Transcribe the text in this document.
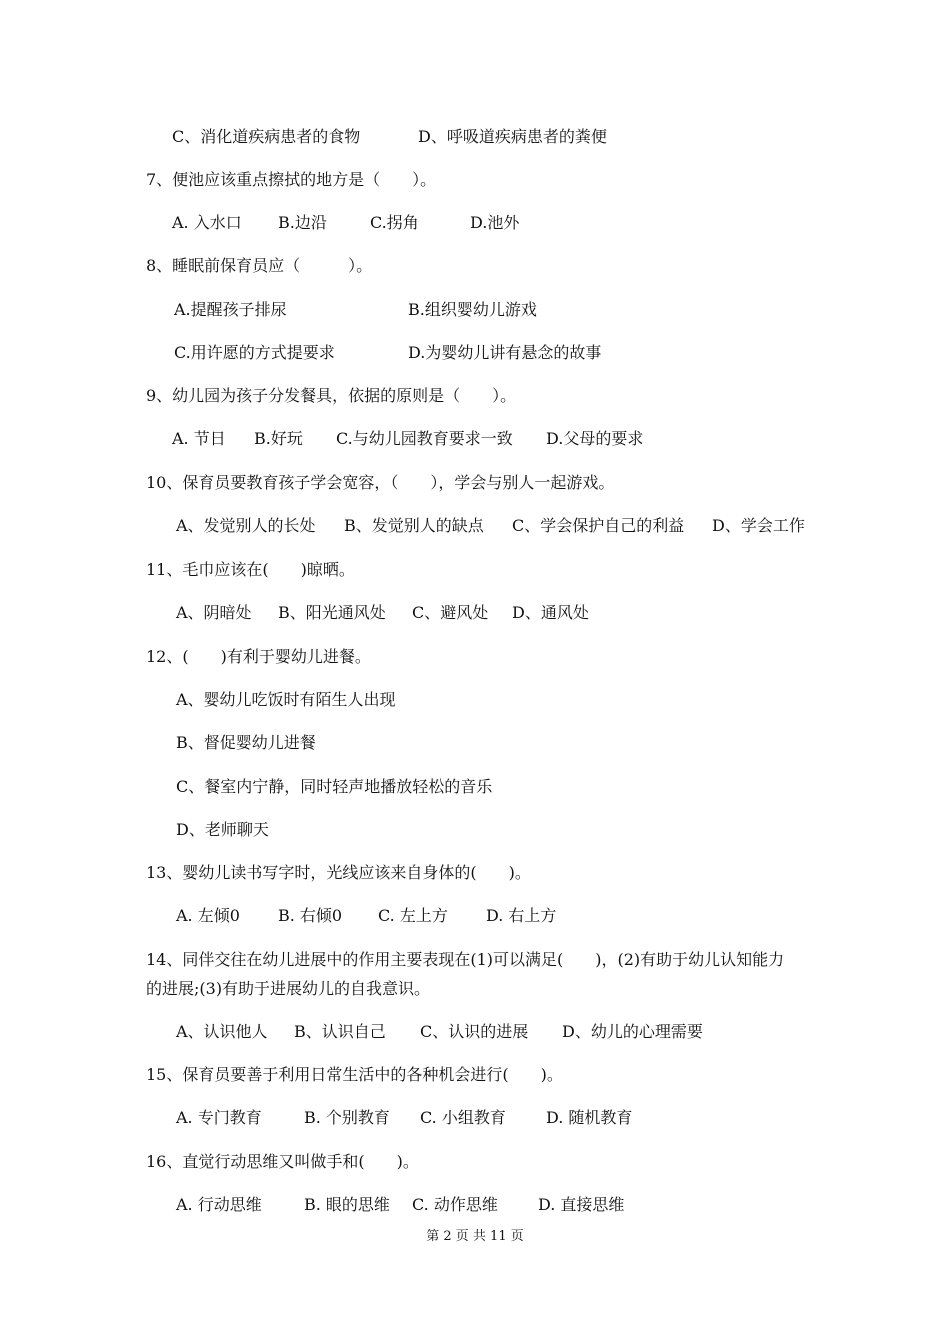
C、消化道疾病患者的食物	D、呼吸道疾病患者的粪便
7、便池应该重点擦拭的地方是（　　）。
A. 入水口 B.边沿	C.拐角	D.池外
8、睡眠前保育员应（　　　）。
A.提醒孩子排尿	B.组织婴幼儿游戏
C.用许愿的方式提要求	D.为婴幼儿讲有悬念的故事
9、幼儿园为孩子分发餐具，依据的原则是（　　）。
A. 节日 B.好玩 C.与幼儿园教育要求一致 D.父母的要求
10、保育员要教育孩子学会宽容，（　　），学会与别人一起游戏。
A、发觉别人的长处 B、发觉别人的缺点 C、学会保护自己的利益 D、学会工作
11、毛巾应该在(　　)晾晒。
A、阴暗处 B、阳光通风处 C、避风处 D、通风处
12、(　　)有利于婴幼儿进餐。
A、婴幼儿吃饭时有陌生人出现
B、督促婴幼儿进餐
C、餐室内宁静，同时轻声地播放轻松的音乐
D、老师聊天
13、婴幼儿读书写字时，光线应该来自身体的(　　)。
A. 左倾0 B. 右倾0 C. 左上方 D. 右上方
14、同伴交往在幼儿进展中的作用主要表现在(1)可以满足(　　)，(2)有助于幼儿认知能力
的进展;(3)有助于进展幼儿的自我意识。
A、认识他人 B、认识自己 C、认识的进展 D、幼儿的心理需要
15、保育员要善于利用日常生活中的各种机会进行(　　)。
A. 专门教育	B. 个别教育 C. 小组教育	D. 随机教育
16、直觉行动思维又叫做手和(　　)。
A. 行动思维	B. 眼的思维 C. 动作思维	D. 直接思维
第 2 页 共 11 页
